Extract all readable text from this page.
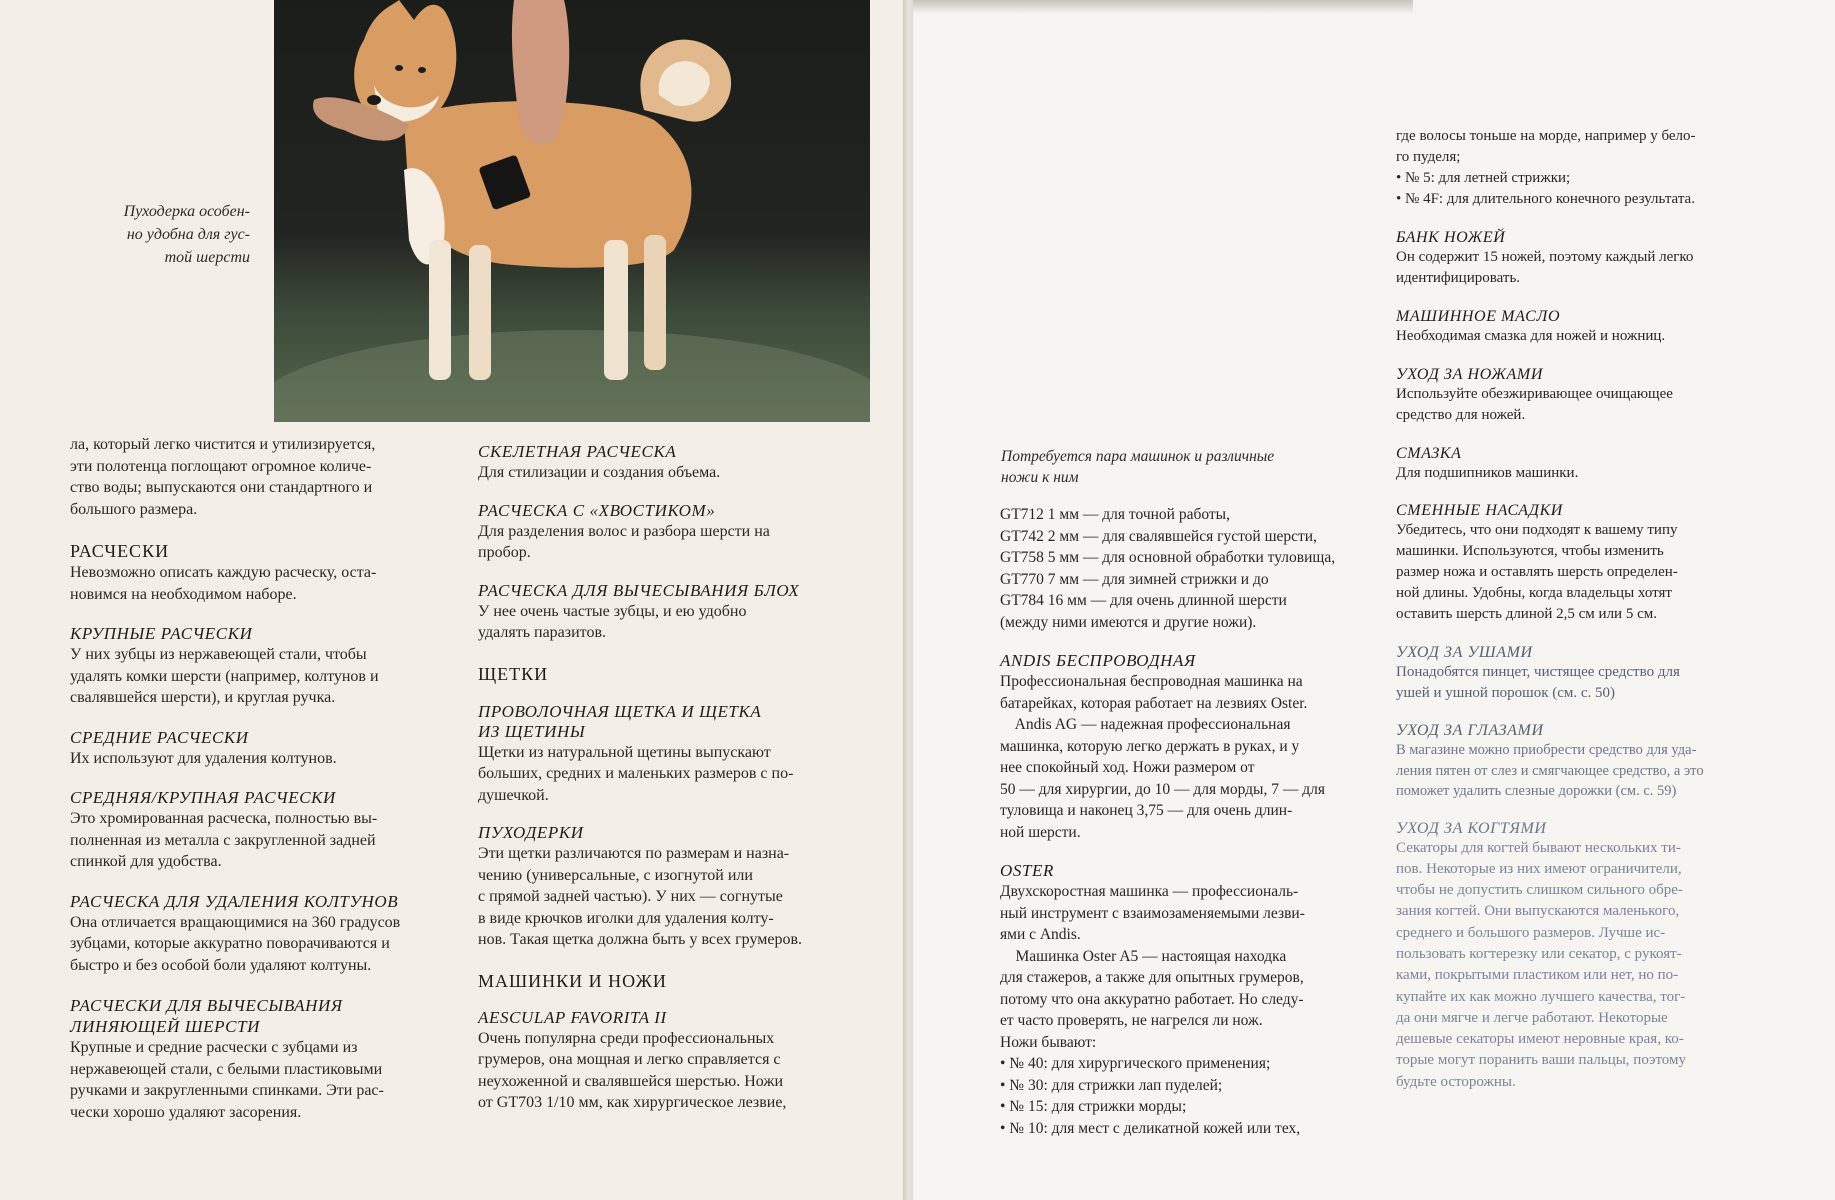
Пуходерка особен-
но удобна для гус-
той шерсти
ла, который легко чистится и утилизируется,
эти полотенца поглощают огромное количе-
ство воды; выпускаются они стандартного и
большого размера.
РАСЧЕСКИ
Невозможно описать каждую расческу, оста-
новимся на необходимом наборе.
КРУПНЫЕ РАСЧЕСКИ
У них зубцы из нержавеющей стали, чтобы
удалять комки шерсти (например, колтунов и
свалявшейся шерсти), и круглая ручка.
СРЕДНИЕ РАСЧЕСКИ
Их используют для удаления колтунов.
СРЕДНЯЯ/КРУПНАЯ РАСЧЕСКИ
Это хромированная расческа, полностью вы-
полненная из металла с закругленной задней
спинкой для удобства.
РАСЧЕСКА ДЛЯ УДАЛЕНИЯ КОЛТУНОВ
Она отличается вращающимися на 360 градусов
зубцами, которые аккуратно поворачиваются и
быстро и без особой боли удаляют колтуны.
РАСЧЕСКИ ДЛЯ ВЫЧЕСЫВАНИЯ
ЛИНЯЮЩЕЙ ШЕРСТИ
Крупные и средние расчески с зубцами из
нержавеющей стали, с белыми пластиковыми
ручками и закругленными спинками. Эти рас-
чески хорошо удаляют засорения.
СКЕЛЕТНАЯ РАСЧЕСКА
Для стилизации и создания объема.
РАСЧЕСКА С «ХВОСТИКОМ»
Для разделения волос и разбора шерсти на
пробор.
РАСЧЕСКА ДЛЯ ВЫЧЕСЫВАНИЯ БЛОХ
У нее очень частые зубцы, и ею удобно
удалять паразитов.
ЩЕТКИ
ПРОВОЛОЧНАЯ ЩЕТКА И ЩЕТКА
ИЗ ЩЕТИНЫ
Щетки из натуральной щетины выпускают
больших, средних и маленьких размеров с по-
душечкой.
ПУХОДЕРКИ
Эти щетки различаются по размерам и назна-
чению (универсальные, с изогнутой или
с прямой задней частью). У них — согнутые
в виде крючков иголки для удаления колту-
нов. Такая щетка должна быть у всех грумеров.
МАШИНКИ И НОЖИ
AESCULAP FAVORITA II
Очень популярна среди профессиональных
грумеров, она мощная и легко справляется с
неухоженной и свалявшейся шерстью. Ножи
от GT703 1/10 мм, как хирургическое лезвие,
Потребуется пара машинок и различные
ножи к ним
GT712 1 мм — для точной работы,
GT742 2 мм — для свалявшейся густой шерсти,
GT758 5 мм — для основной обработки туловища,
GT770 7 мм — для зимней стрижки и до
GT784 16 мм — для очень длинной шерсти
(между ними имеются и другие ножи).
ANDIS БЕСПРОВОДНАЯ
Профессиональная беспроводная машинка на
батарейках, которая работает на лезвиях Oster.
Andis AG — надежная профессиональная
машинка, которую легко держать в руках, и у
нее спокойный ход. Ножи размером от
50 — для хирургии, до 10 — для морды, 7 — для
туловища и наконец 3,75 — для очень длин-
ной шерсти.
OSTER
Двухскоростная машинка — профессиональ-
ный инструмент с взаимозаменяемыми лезви-
ями с Andis.
Машинка Oster A5 — настоящая находка
для стажеров, а также для опытных грумеров,
потому что она аккуратно работает. Но следу-
ет часто проверять, не нагрелся ли нож.
Ножи бывают:
• № 40: для хирургического применения;
• № 30: для стрижки лап пуделей;
• № 15: для стрижки морды;
• № 10: для мест с деликатной кожей или тех,
где волосы тоньше на морде, например у бело-
го пуделя;
• № 5: для летней стрижки;
• № 4F: для длительного конечного результата.
БАНК НОЖЕЙ
Он содержит 15 ножей, поэтому каждый легко
идентифицировать.
МАШИННОЕ МАСЛО
Необходимая смазка для ножей и ножниц.
УХОД ЗА НОЖАМИ
Используйте обезжиривающее очищающее
средство для ножей.
СМАЗКА
Для подшипников машинки.
СМЕННЫЕ НАСАДКИ
Убедитесь, что они подходят к вашему типу
машинки. Используются, чтобы изменить
размер ножа и оставлять шерсть определен-
ной длины. Удобны, когда владельцы хотят
оставить шерсть длиной 2,5 см или 5 см.
УХОД ЗА УШАМИ
Понадобятся пинцет, чистящее средство для
ушей и ушной порошок (см. с. 50)
УХОД ЗА ГЛАЗАМИ
В магазине можно приобрести средство для уда-
ления пятен от слез и смягчающее средство, а это
поможет удалить слезные дорожки (см. с. 59)
УХОД ЗА КОГТЯМИ
Секаторы для когтей бывают нескольких ти-
пов. Некоторые из них имеют ограничители,
чтобы не допустить слишком сильного обре-
зания когтей. Они выпускаются маленького,
среднего и большого размеров. Лучше ис-
пользовать когтерезку или секатор, с рукоят-
ками, покрытыми пластиком или нет, но по-
купайте их как можно лучшего качества, тог-
да они мягче и легче работают. Некоторые
дешевые секаторы имеют неровные края, ко-
торые могут поранить ваши пальцы, поэтому
будьте осторожны.
